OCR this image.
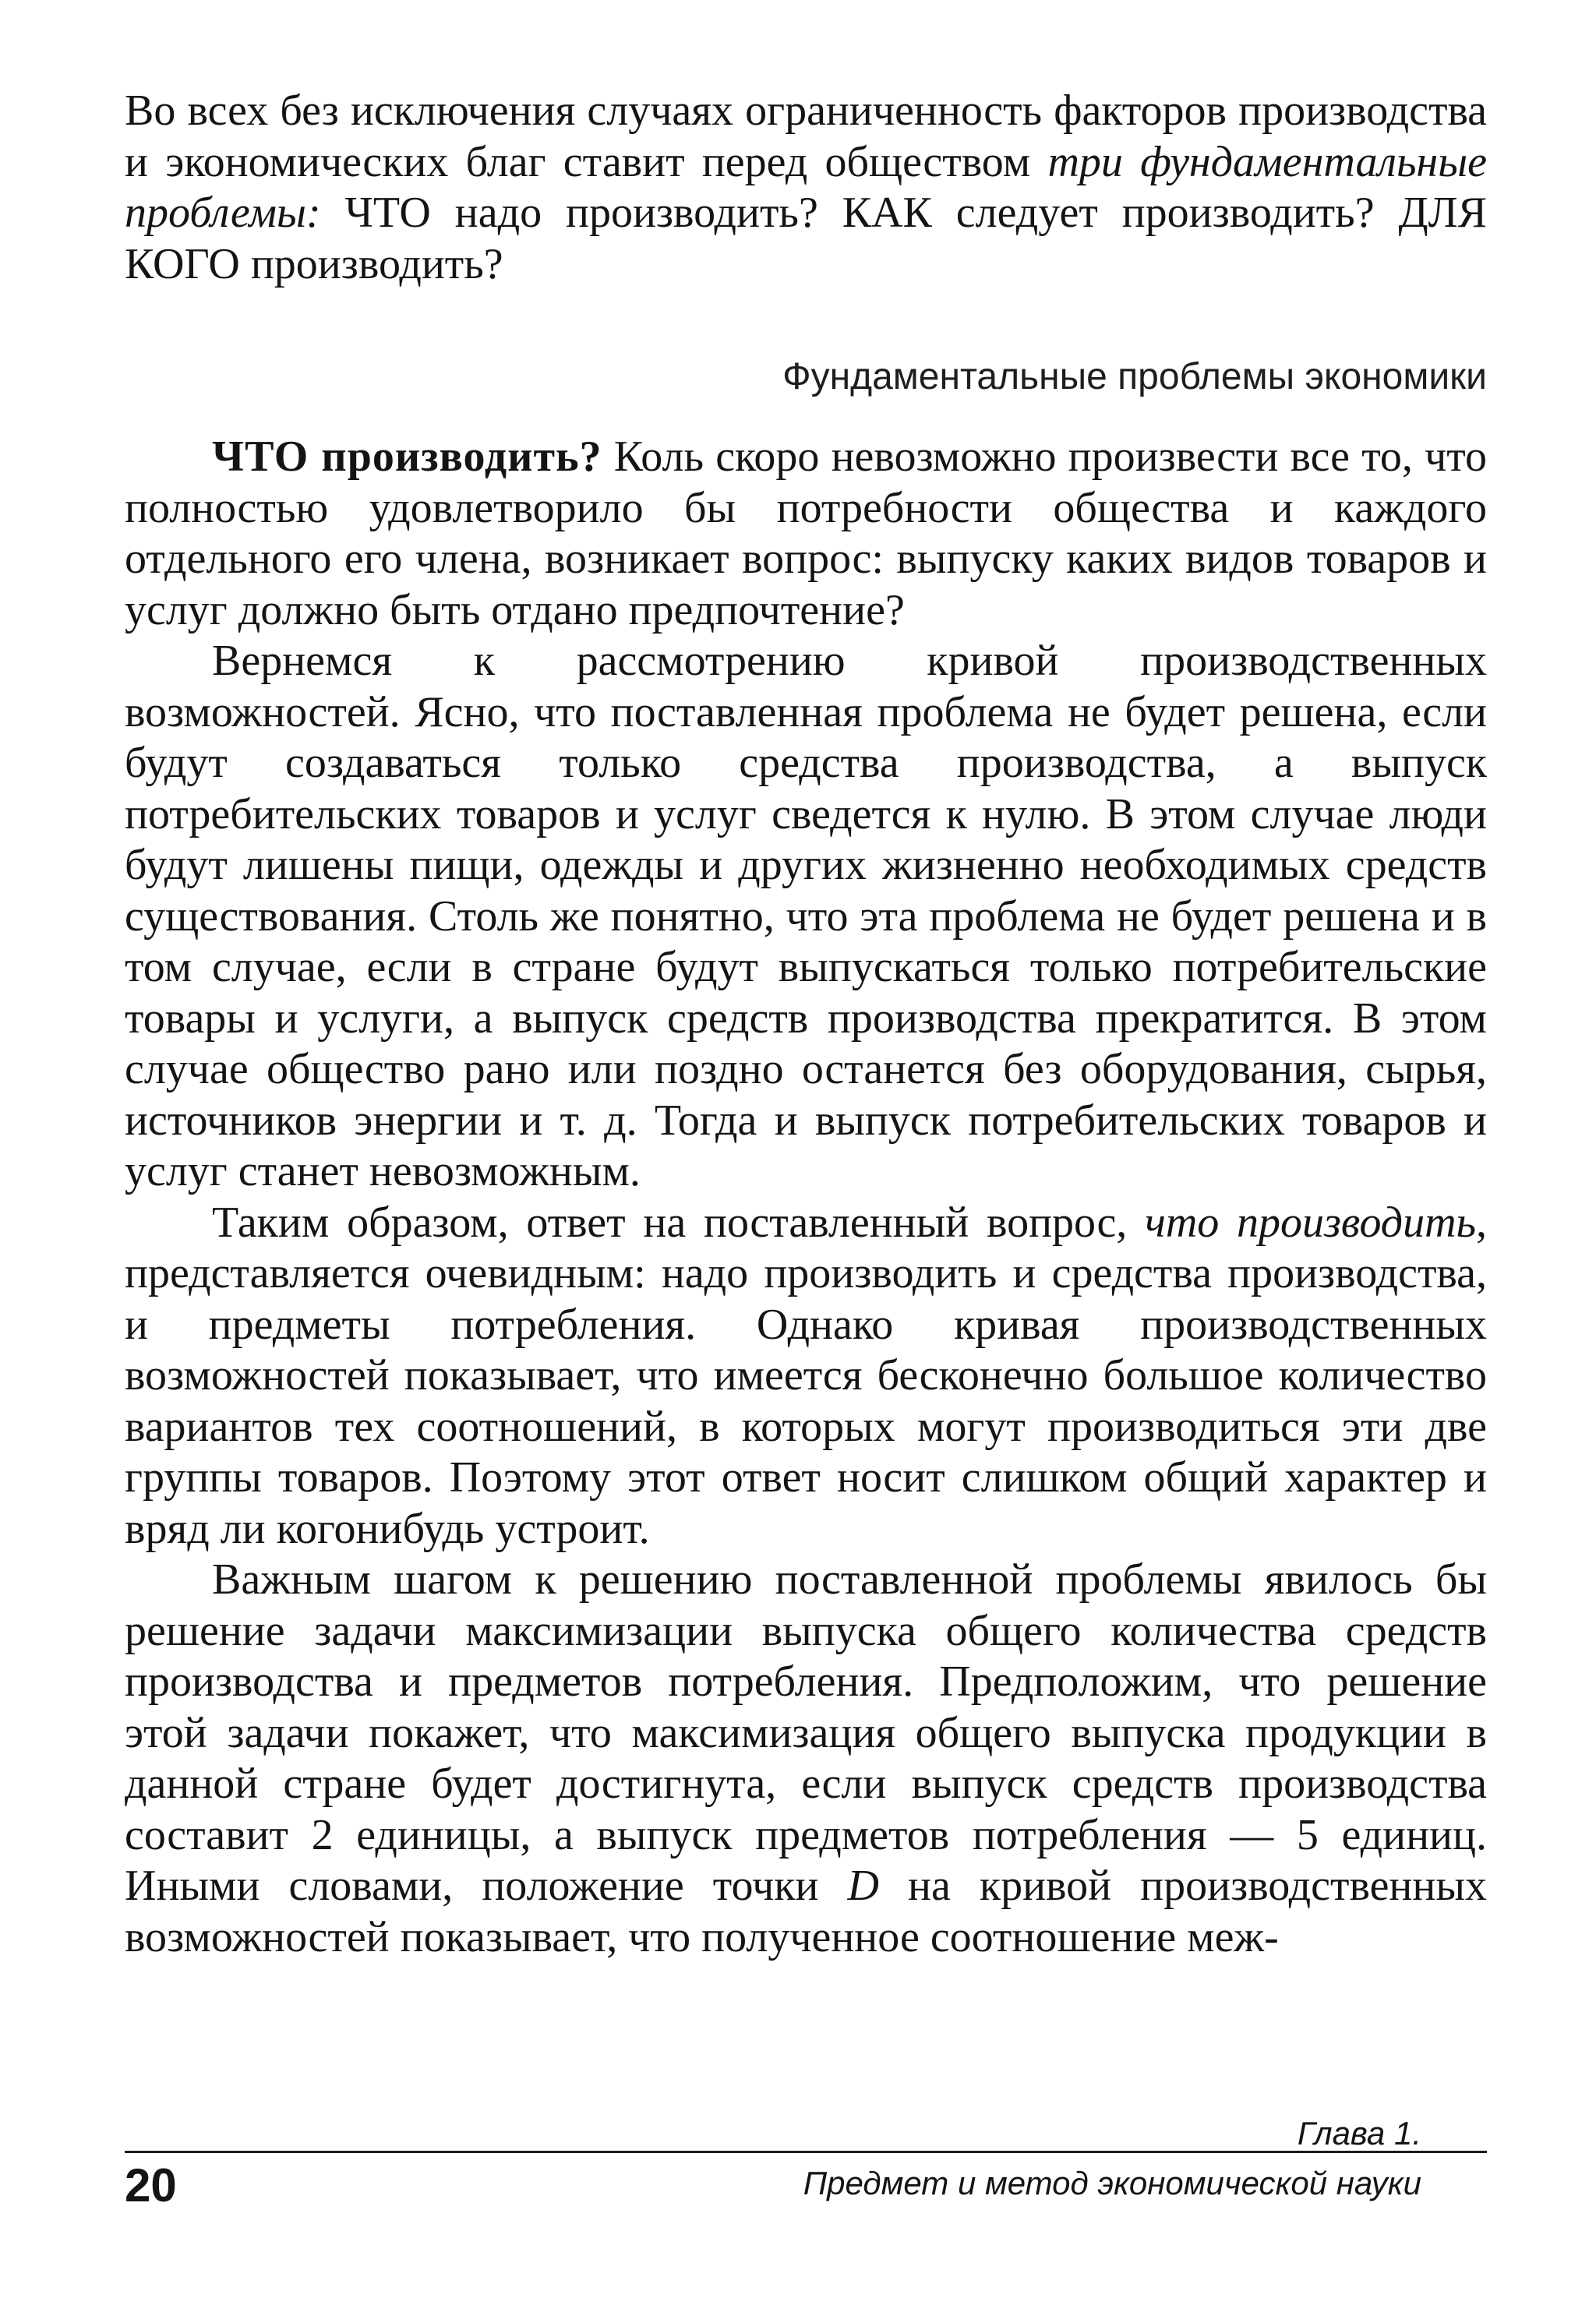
Во всех без исключения случаях ограниченность факторов производства и экономических благ ставит перед обществом три фундаментальные проблемы: ЧТО надо производить? КАК следует производить? ДЛЯ КОГО производить?

Фундаментальные проблемы экономики

ЧТО производить? Коль скоро невозможно произвести все то, что полностью удовлетворило бы потребности общества и каждого отдельного его члена, возникает вопрос: выпуску каких видов товаров и услуг должно быть отдано предпочтение?

Вернемся к рассмотрению кривой производственных возможностей. Ясно, что поставленная проблема не будет решена, если будут создаваться только средства производства, а выпуск потребительских товаров и услуг сведется к нулю. В этом случае люди будут лишены пищи, одежды и других жизненно необходимых средств существования. Столь же понятно, что эта проблема не будет решена и в том случае, если в стране будут выпускаться только потребительские товары и услуги, а выпуск средств производства прекратится. В этом случае общество рано или поздно останется без оборудования, сырья, источников энергии и т. д. Тогда и выпуск потребительских товаров и услуг станет невозможным.

Таким образом, ответ на поставленный вопрос, что производить, представляется очевидным: надо производить и средства производства, и предметы потребления. Однако кривая производственных возможностей показывает, что имеется бесконечно большое количество вариантов тех соотношений, в которых могут производиться эти две группы товаров. Поэтому этот ответ носит слишком общий характер и вряд ли когонибудь устроит.

Важным шагом к решению поставленной проблемы явилось бы решение задачи максимизации выпуска общего количества средств производства и предметов потребления. Предположим, что решение этой задачи покажет, что максимизация общего выпуска продукции в данной стране будет достигнута, если выпуск средств производства составит 2 единицы, а выпуск предметов потребления — 5 единиц. Иными словами, положение точки D на кривой производственных возможностей показывает, что полученное соотношение меж-

Глава 1.
20	Предмет и метод экономической науки
